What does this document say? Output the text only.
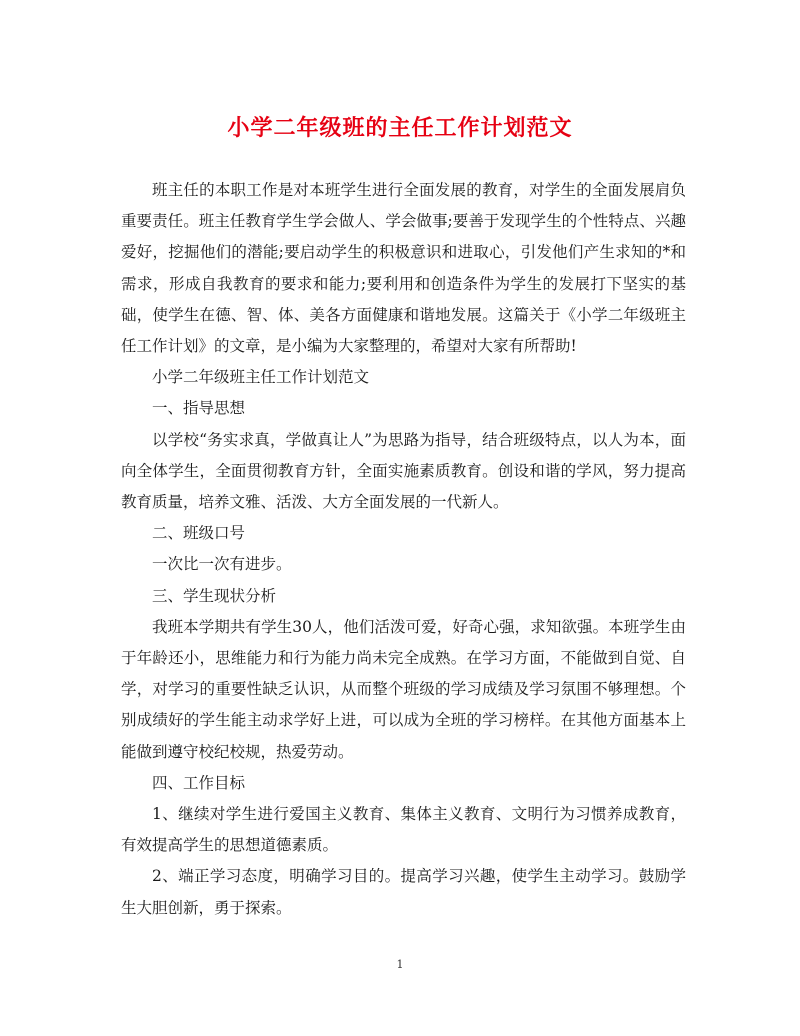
小学二年级班的主任工作计划范文

班主任的本职工作是对本班学生进行全面发展的教育，对学生的全面发展肩负重要责任。班主任教育学生学会做人、学会做事;要善于发现学生的个性特点、兴趣爱好，挖掘他们的潜能;要启动学生的积极意识和进取心，引发他们产生求知的*和需求，形成自我教育的要求和能力;要利用和创造条件为学生的发展打下坚实的基础，使学生在德、智、体、美各方面健康和谐地发展。这篇关于《小学二年级班主任工作计划》的文章，是小编为大家整理的，希望对大家有所帮助!

小学二年级班主任工作计划范文

一、指导思想

以学校“务实求真，学做真让人”为思路为指导，结合班级特点，以人为本，面向全体学生，全面贯彻教育方针，全面实施素质教育。创设和谐的学风，努力提高教育质量，培养文雅、活泼、大方全面发展的一代新人。

二、班级口号

一次比一次有进步。

三、学生现状分析

我班本学期共有学生30人，他们活泼可爱，好奇心强，求知欲强。本班学生由于年龄还小，思维能力和行为能力尚未完全成熟。在学习方面，不能做到自觉、自学，对学习的重要性缺乏认识，从而整个班级的学习成绩及学习氛围不够理想。个别成绩好的学生能主动求学好上进，可以成为全班的学习榜样。在其他方面基本上能做到遵守校纪校规，热爱劳动。

四、工作目标

1、继续对学生进行爱国主义教育、集体主义教育、文明行为习惯养成教育，有效提高学生的思想道德素质。

2、端正学习态度，明确学习目的。提高学习兴趣，使学生主动学习。鼓励学生大胆创新，勇于探索。

1
